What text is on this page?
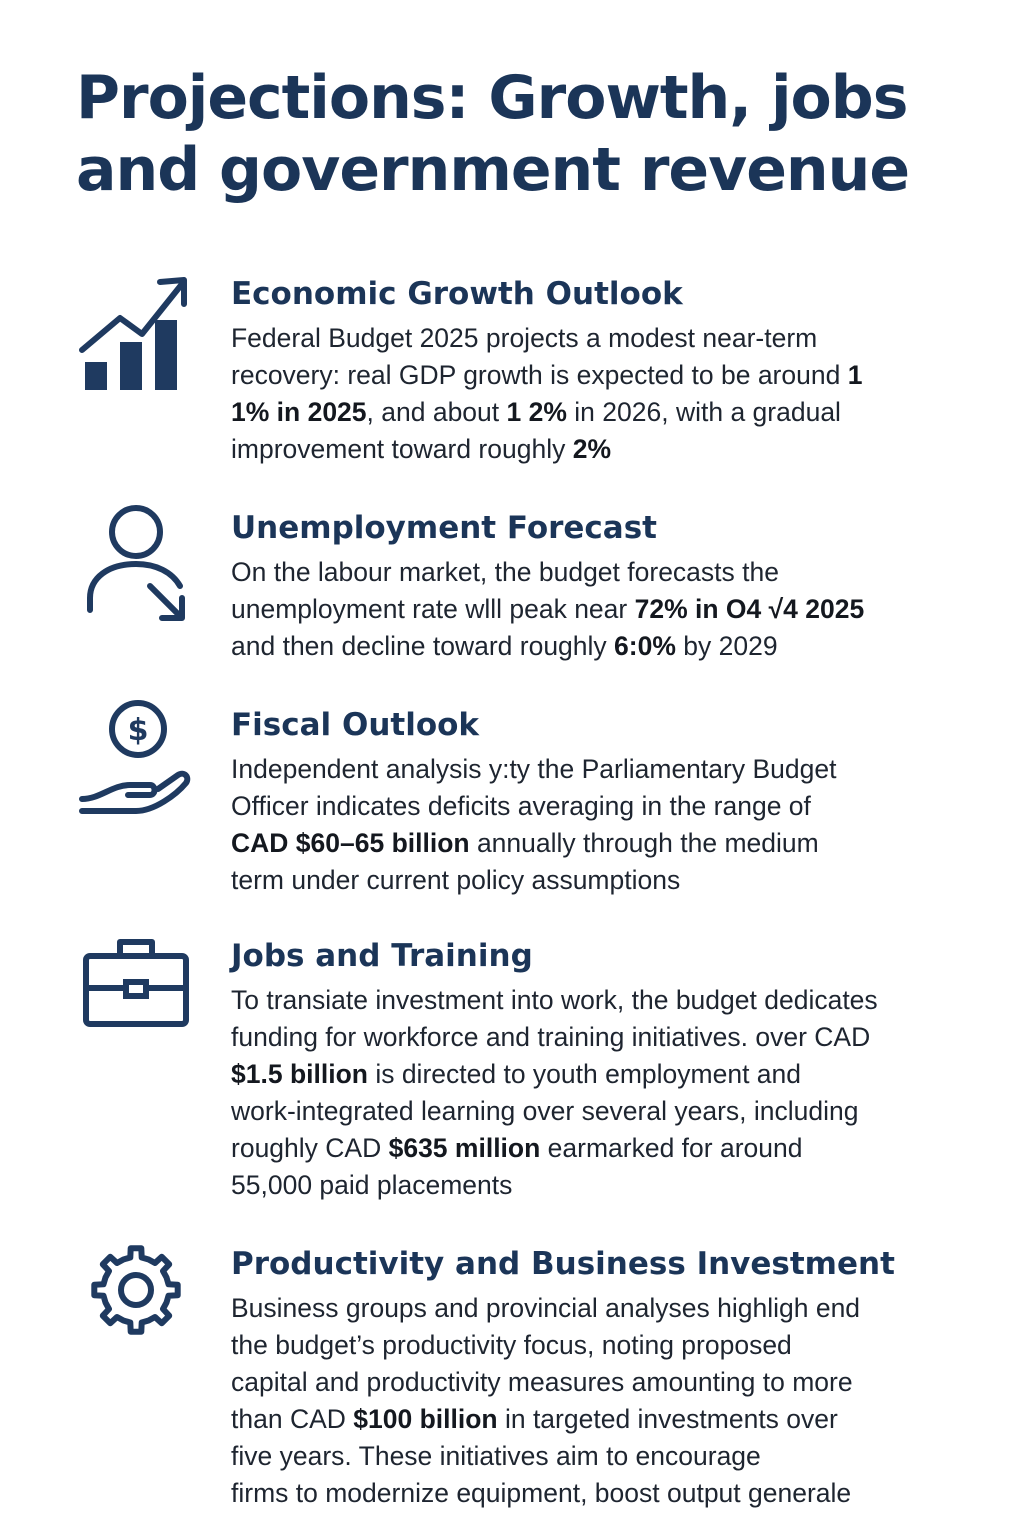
Projections: Growth, jobs
and government revenue
Economic Growth Outlook

Federal Budget 2025 projects a modest near-term
recovery: real GDP growth is expected to be around 1
1% in 2025, and about 1 2% in 2026, with a gradual
improvement toward roughly 2%

Unemployment Forecast

On the labour market, the budget forecasts the
unemployment rate wlll peak near 72% in O4 √4 2025
and then decline toward roughly 6:0% by 2029

$	Fiscal Outlook

Independent analysis y:ty the Parliamentary Budget
Officer indicates deficits averaging in the range of
CAD $60–65 billion annually through the medium
term under current policy assumptions

Jobs and Training

To transiate investment into work, the budget dedicates
funding for workforce and training initiatives. over CAD
$1.5 billion is directed to youth employment and
work-integrated learning over several years, including
roughly CAD $635 million earmarked for around
55,000 paid placements

Productivity and Business Investment

Business groups and provincial analyses highligh end
the budget’s productivity focus, noting proposed
capital and productivity measures amounting to more
than CAD $100 billion in targeted investments over
five years. These initiatives aim to encourage
firms to modernize equipment, boost output generale
